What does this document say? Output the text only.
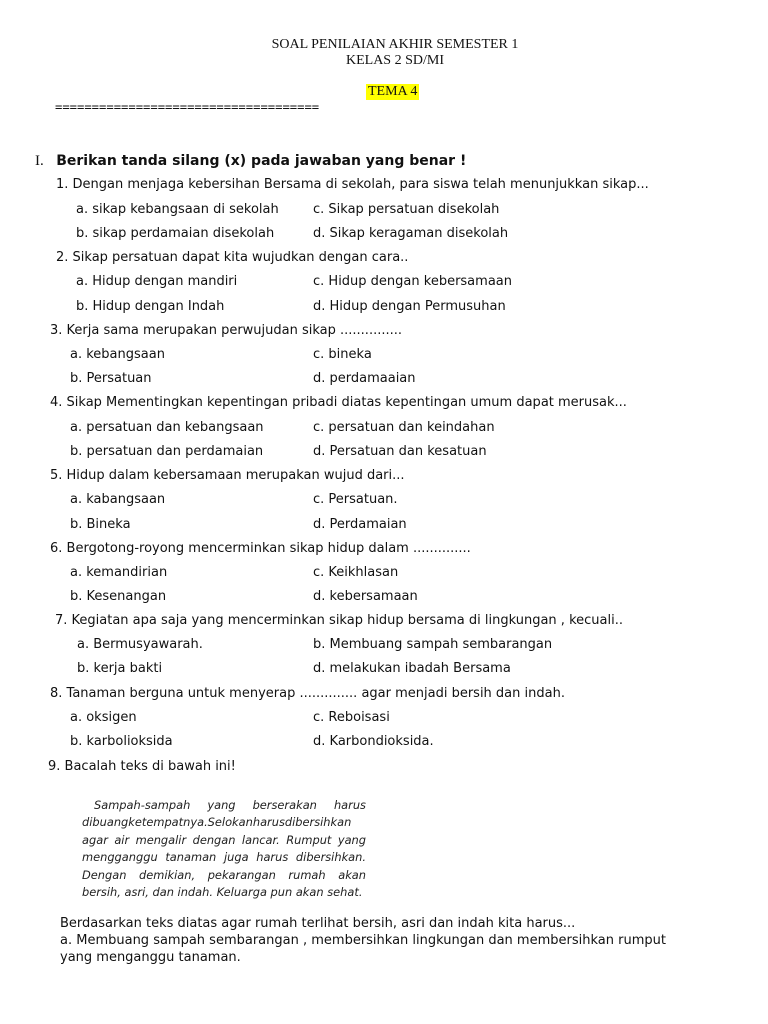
SOAL PENILAIAN AKHIR SEMESTER 1
KELAS 2 SD/MI
TEMA 4
====================================
I. Berikan tanda silang (x) pada jawaban yang benar !
1. Dengan menjaga kebersihan Bersama di sekolah, para siswa telah menunjukkan sikap...
a. sikap kebangsaan di sekolah	c. Sikap persatuan disekolah
b. sikap perdamaian disekolah	d. Sikap keragaman disekolah
2. Sikap persatuan dapat kita wujudkan dengan cara..
a. Hidup dengan mandiri	c. Hidup dengan kebersamaan
b. Hidup dengan Indah	d. Hidup dengan Permusuhan
3. Kerja sama merupakan perwujudan sikap ...............
a. kebangsaan	c. bineka
b. Persatuan	d. perdamaaian
4. Sikap Mementingkan kepentingan pribadi diatas kepentingan umum dapat merusak...
a. persatuan dan kebangsaan	c. persatuan dan keindahan
b. persatuan dan perdamaian	d. Persatuan dan kesatuan
5. Hidup dalam kebersamaan merupakan wujud dari...
a. kabangsaan	c. Persatuan.
b. Bineka	d. Perdamaian
6. Bergotong-royong mencerminkan sikap hidup dalam ..............
a. kemandirian	c. Keikhlasan
b. Kesenangan	d. kebersamaan
7. Kegiatan apa saja yang mencerminkan sikap hidup bersama di lingkungan , kecuali..
a. Bermusyawarah.	b. Membuang sampah sembarangan
b. kerja bakti	d. melakukan ibadah Bersama
8. Tanaman berguna untuk menyerap .............. agar menjadi bersih dan indah.
a. oksigen	c. Reboisasi
b. karbolioksida	d. Karbondioksida.
9. Bacalah teks di bawah ini!
Sampah-sampah yang berserakan harus dibuangketempatnya.Selokanharusdibersihkan agar air mengalir dengan lancar. Rumput yang mengganggu tanaman juga harus dibersihkan. Dengan demikian, pekarangan rumah akan bersih, asri, dan indah. Keluarga pun akan sehat.
Berdasarkan teks diatas agar rumah terlihat bersih, asri dan indah kita harus...
a. Membuang sampah sembarangan , membersihkan lingkungan dan membersihkan rumput yang menganggu tanaman.
